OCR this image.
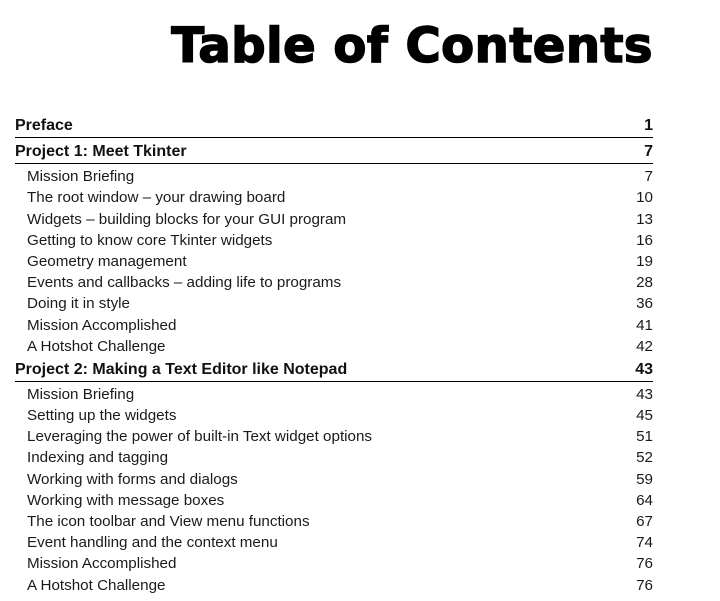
Table of Contents
Preface	1
Project 1: Meet Tkinter	7
Mission Briefing	7
The root window – your drawing board	10
Widgets – building blocks for your GUI program	13
Getting to know core Tkinter widgets	16
Geometry management	19
Events and callbacks – adding life to programs	28
Doing it in style	36
Mission Accomplished	41
A Hotshot Challenge	42
Project 2: Making a Text Editor like Notepad	43
Mission Briefing	43
Setting up the widgets	45
Leveraging the power of built-in Text widget options	51
Indexing and tagging	52
Working with forms and dialogs	59
Working with message boxes	64
The icon toolbar and View menu functions	67
Event handling and the context menu	74
Mission Accomplished	76
A Hotshot Challenge	76
